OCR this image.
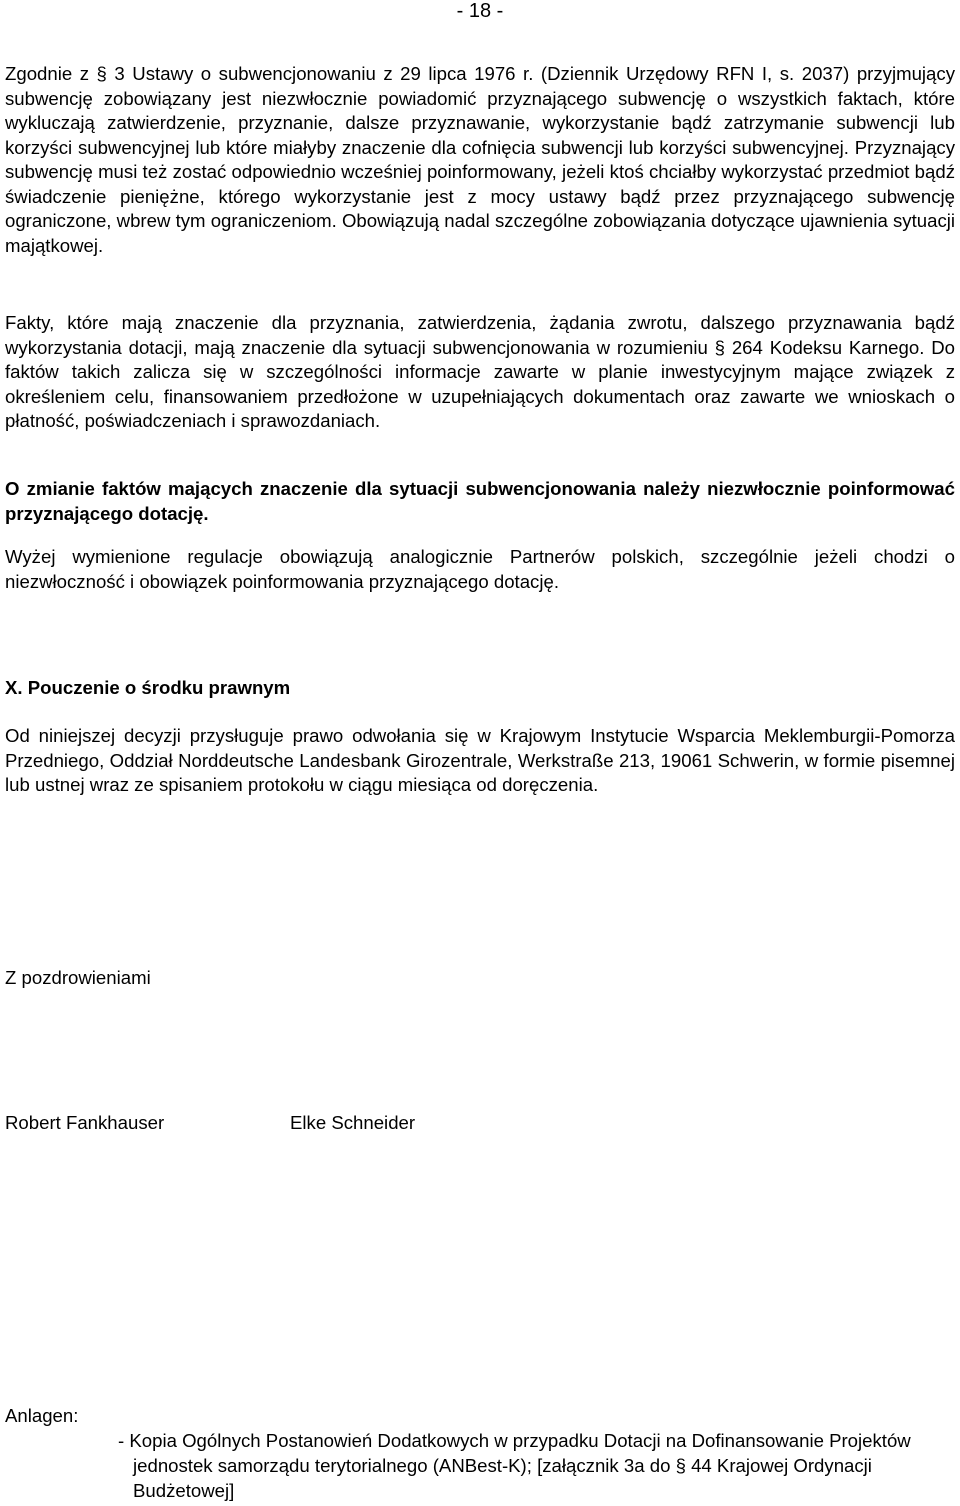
- 18 -

Zgodnie z § 3 Ustawy o subwencjonowaniu z 29 lipca 1976 r. (Dziennik Urzędowy RFN I, s. 2037) przyjmujący subwencję zobowiązany jest niezwłocznie powiadomić przyznającego subwencję o wszystkich faktach, które wykluczają zatwierdzenie, przyznanie, dalsze przyznawanie, wykorzystanie bądź zatrzymanie subwencji lub korzyści subwencyjnej lub które miałyby znaczenie dla cofnięcia subwencji lub korzyści subwencyjnej. Przyznający subwencję musi też zostać odpowiednio wcześniej poinformowany, jeżeli ktoś chciałby wykorzystać przedmiot bądź świadczenie pieniężne, którego wykorzystanie jest z mocy ustawy bądź przez przyznającego subwencję ograniczone, wbrew tym ograniczeniom. Obowiązują nadal szczególne zobowiązania dotyczące ujawnienia sytuacji majątkowej.

Fakty, które mają znaczenie dla przyznania, zatwierdzenia, żądania zwrotu, dalszego przyznawania bądź wykorzystania dotacji, mają znaczenie dla sytuacji subwencjonowania w rozumieniu § 264 Kodeksu Karnego. Do faktów takich zalicza się w szczególności informacje zawarte w planie inwestycyjnym mające związek z określeniem celu, finansowaniem przedłożone w uzupełniających dokumentach oraz zawarte we wnioskach o płatność, poświadczeniach i sprawozdaniach.

O zmianie faktów mających znaczenie dla sytuacji subwencjonowania należy niezwłocznie poinformować przyznającego dotację.

Wyżej wymienione regulacje obowiązują analogicznie Partnerów polskich, szczególnie jeżeli chodzi o niezwłoczność i obowiązek poinformowania przyznającego dotację.

X. Pouczenie o środku prawnym

Od niniejszej decyzji przysługuje prawo odwołania się w Krajowym Instytucie Wsparcia Meklemburgii-Pomorza Przedniego, Oddział Norddeutsche Landesbank Girozentrale, Werkstraße 213, 19061 Schwerin, w formie pisemnej lub ustnej wraz ze spisaniem protokołu w ciągu miesiąca od doręczenia.

Z pozdrowieniami

Robert Fankhauser	Elke Schneider

Anlagen:

- Kopia Ogólnych Postanowień Dodatkowych w przypadku Dotacji na Dofinansowanie Projektów jednostek samorządu terytorialnego (ANBest-K); [załącznik 3a do § 44 Krajowej Ordynacji Budżetowej]
